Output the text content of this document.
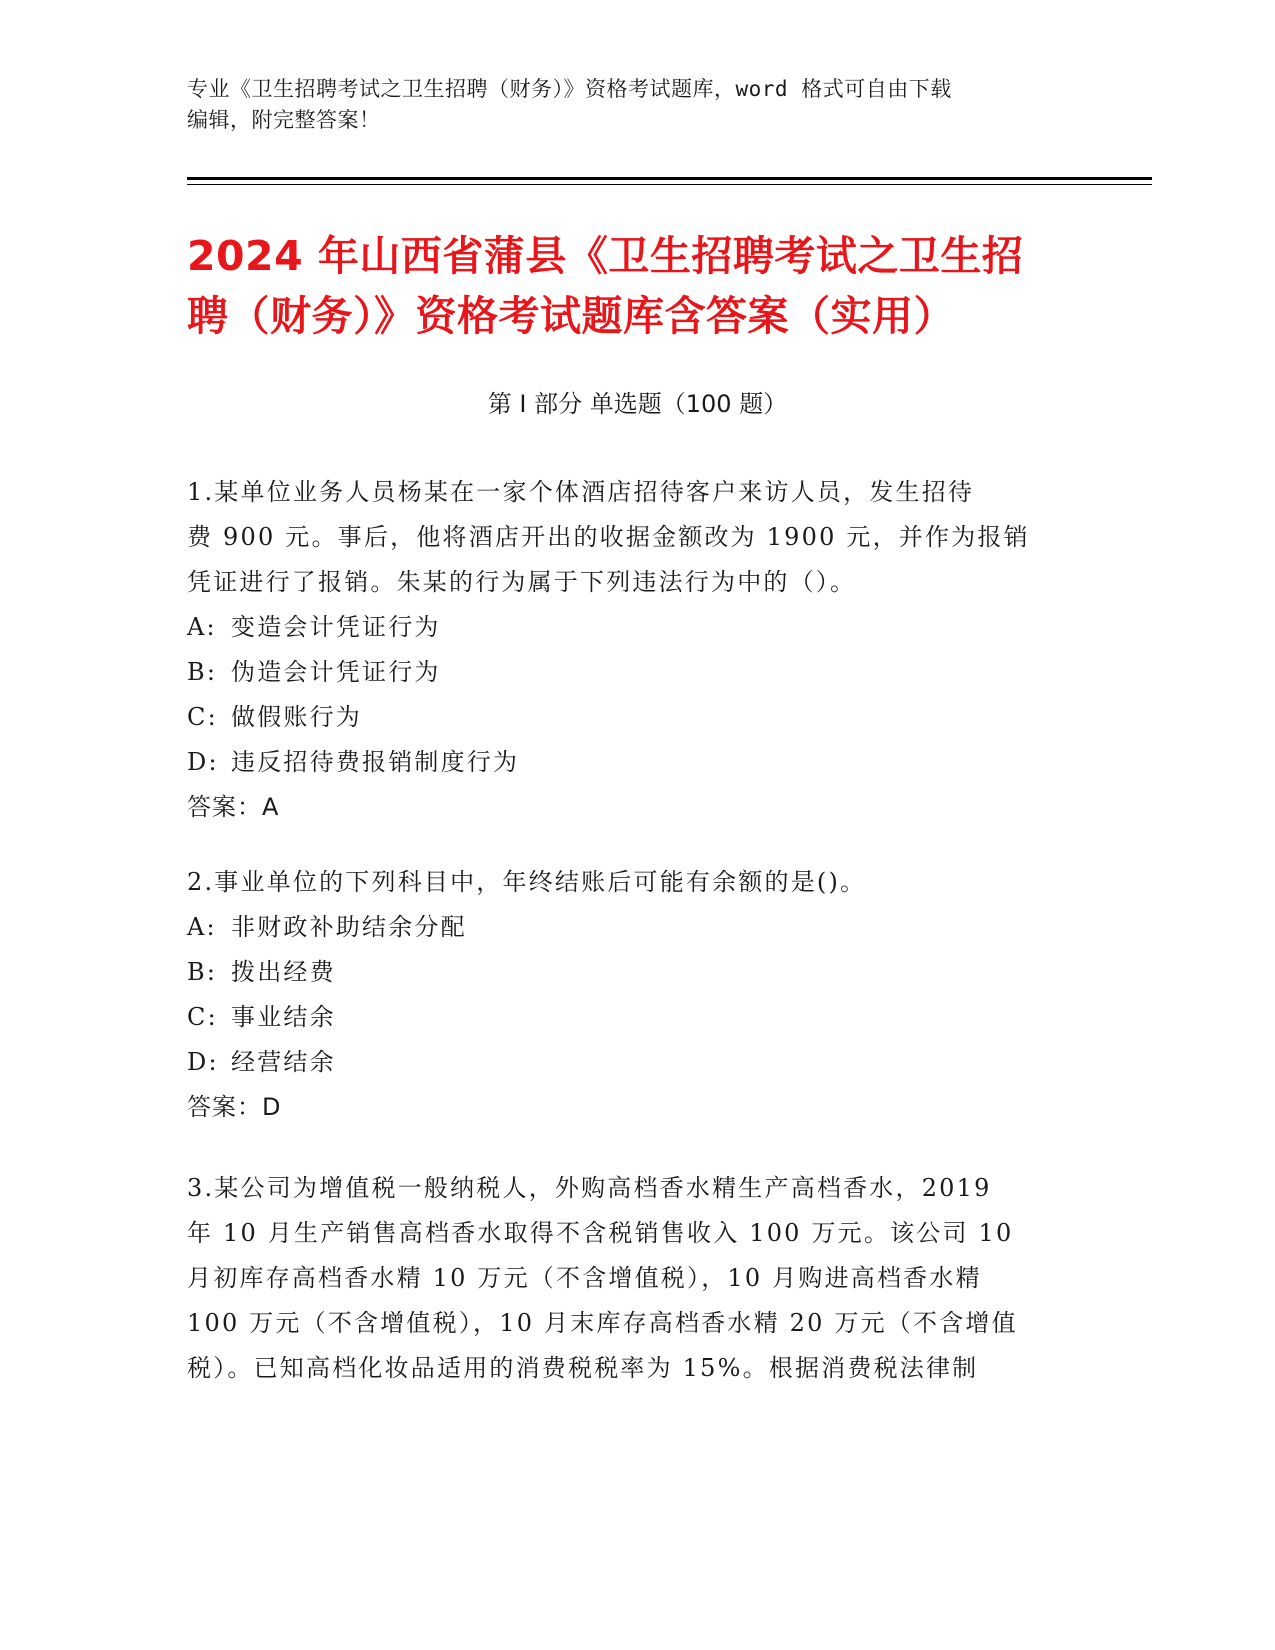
专业《卫生招聘考试之卫生招聘（财务）》资格考试题库，word 格式可自由下载
编辑，附完整答案！
2024 年山西省蒲县《卫生招聘考试之卫生招
聘（财务）》资格考试题库含答案（实用）
第 I 部分 单选题（100 题）

1.某单位业务人员杨某在一家个体酒店招待客户来访人员，发生招待

费 900 元。事后，他将酒店开出的收据金额改为 1900 元，并作为报销

凭证进行了报销。朱某的行为属于下列违法行为中的（）。

A: 变造会计凭证行为
B: 伪造会计凭证行为
C: 做假账行为
D: 违反招待费报销制度行为
答案：A

2.事业单位的下列科目中，年终结账后可能有余额的是()。

A: 非财政补助结余分配
B: 拨出经费
C: 事业结余
D: 经营结余
答案：D

3.某公司为增值税一般纳税人，外购高档香水精生产高档香水，2019

年 10 月生产销售高档香水取得不含税销售收入 100 万元。该公司 10

月初库存高档香水精 10 万元（不含增值税），10 月购进高档香水精

100 万元（不含增值税），10 月末库存高档香水精 20 万元（不含增值

税）。已知高档化妆品适用的消费税税率为 15%。根据消费税法律制
